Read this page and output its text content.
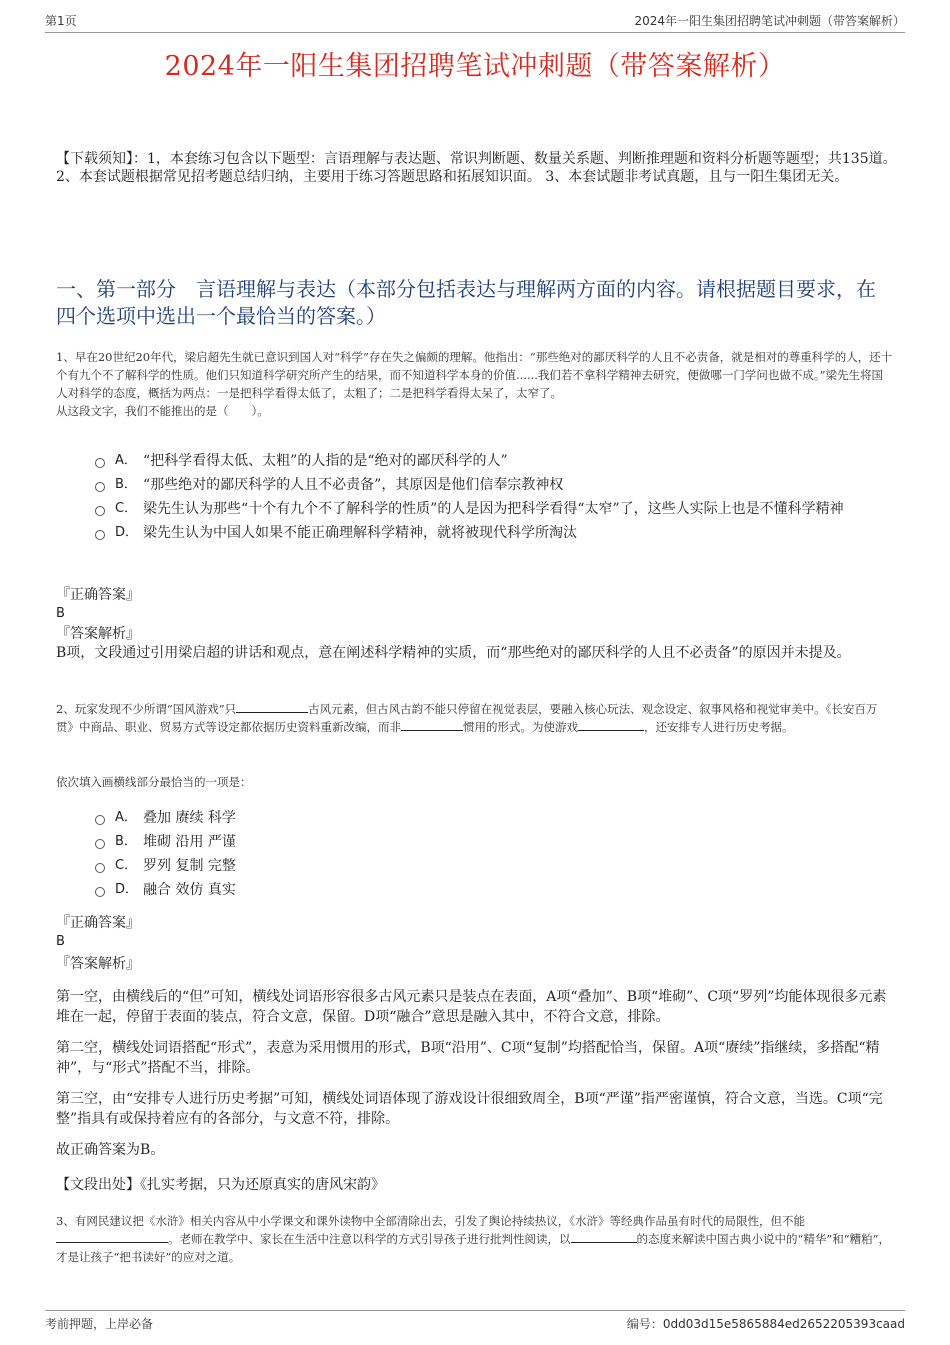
第1页	2024年一阳生集团招聘笔试冲刺题（带答案解析）
2024年一阳生集团招聘笔试冲刺题（带答案解析）
【下载须知】：1，本套练习包含以下题型：言语理解与表达题、常识判断题、数量关系题、判断推理题和资料分析题等题型；共135道。 2、本套试题根据常见招考题总结归纳，主要用于练习答题思路和拓展知识面。 3、本套试题非考试真题，且与一阳生集团无关。
一、第一部分 言语理解与表达（本部分包括表达与理解两方面的内容。请根据题目要求，在四个选项中选出一个最恰当的答案。）
1、早在20世纪20年代，梁启超先生就已意识到国人对“科学”存在失之偏颇的理解。他指出：“那些绝对的鄙厌科学的人且不必责备，就是相对的尊重科学的人，还十个有九个不了解科学的性质。他们只知道科学研究所产生的结果，而不知道科学本身的价值......我们若不拿科学精神去研究，便做哪一门学问也做不成。”梁先生将国人对科学的态度，概括为两点：一是把科学看得太低了，太粗了；二是把科学看得太呆了，太窄了。
从这段文字，我们不能推出的是（　　）。
A． “把科学看得太低、太粗”的人指的是“绝对的鄙厌科学的人”
B． “那些绝对的鄙厌科学的人且不必责备”，其原因是他们信奉宗教神权
C． 梁先生认为那些“十个有九个不了解科学的性质”的人是因为把科学看得“太窄”了，这些人实际上也是不懂科学精神
D． 梁先生认为中国人如果不能正确理解科学精神，就将被现代科学所淘汰
『正确答案』
B
『答案解析』
B项，文段通过引用梁启超的讲话和观点，意在阐述科学精神的实质，而“那些绝对的鄙厌科学的人且不必责备”的原因并未提及。
2、玩家发现不少所谓“国风游戏”只	古风元素，但古风古韵不能只停留在视觉表层，要融入核心玩法、观念设定、叙事风格和视觉审美中。《长安百万贯》中商品、职业、贸易方式等设定都依据历史资料重新改编，而非	惯用的形式。为使游戏	，还安排专人进行历史考据。
依次填入画横线部分最恰当的一项是：
A． 叠加 赓续 科学
B． 堆砌 沿用 严谨
C． 罗列 复制 完整
D． 融合 效仿 真实
『正确答案』
B
『答案解析』
第一空，由横线后的“但”可知，横线处词语形容很多古风元素只是装点在表面，A项“叠加”、B项“堆砌”、C项“罗列”均能体现很多元素堆在一起，停留于表面的装点，符合文意，保留。D项“融合”意思是融入其中，不符合文意，排除。
第二空，横线处词语搭配“形式”，表意为采用惯用的形式，B项“沿用”、C项“复制”均搭配恰当，保留。A项“赓续”指继续，多搭配“精神”，与“形式”搭配不当，排除。
第三空，由“安排专人进行历史考据”可知，横线处词语体现了游戏设计很细致周全，B项“严谨”指严密谨慎，符合文意，当选。C项“完整”指具有或保持着应有的各部分，与文意不符，排除。
故正确答案为B。
【文段出处】《扎实考据，只为还原真实的唐风宋韵》
3、有网民建议把《水浒》相关内容从中小学课文和课外读物中全部清除出去，引发了舆论持续热议，《水浒》等经典作品虽有时代的局限性，但不能。老师在教学中、家长在生活中注意以科学的方式引导孩子进行批判性阅读，以	的态度来解读中国古典小说中的“精华”和“糟粕”，才是让孩子“把书读好”的应对之道。
考前押题，上岸必备	编号：0dd03d15e5865884ed2652205393caad
